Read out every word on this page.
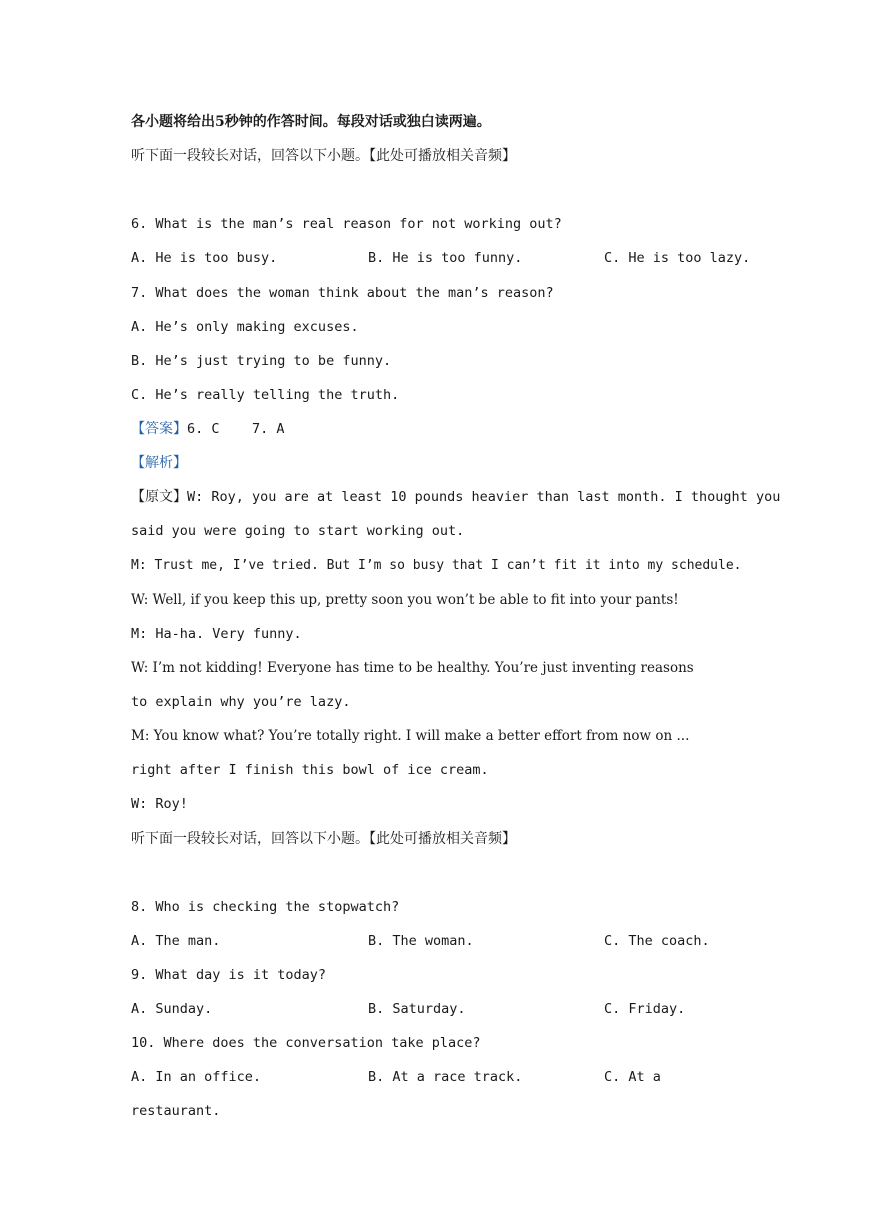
各小题将给出5秒钟的作答时间。每段对话或独白读两遍。
听下面一段较长对话，回答以下小题。【此处可播放相关音频】
6. What is the man’s real reason for not working out?
A. He is too busy.	B. He is too funny.	C. He is too lazy.
7. What does the woman think about the man’s reason?
A. He’s only making excuses.
B. He’s just trying to be funny.
C. He’s really telling the truth.
【答案】6. C    7. A
【解析】
【原文】W: Roy, you are at least 10 pounds heavier than last month. I thought you
said you were going to start working out.
M: Trust me, I’ve tried. But I’m so busy that I can’t fit it into my schedule.
W: Well, if you keep this up, pretty soon you won’t be able to fit into your pants!
M: Ha-ha. Very funny.
W: I’m not kidding! Everyone has time to be healthy. You’re just inventing reasons
to explain why you’re lazy.
M: You know what? You’re totally right. I will make a better effort from now on ...
right after I finish this bowl of ice cream.
W: Roy!
听下面一段较长对话，回答以下小题。【此处可播放相关音频】
8. Who is checking the stopwatch?
A. The man.	B. The woman.	C. The coach.
9. What day is it today?
A. Sunday.	B. Saturday.	C. Friday.
10. Where does the conversation take place?
A. In an office.	B. At a race track.	C. At a
restaurant.
